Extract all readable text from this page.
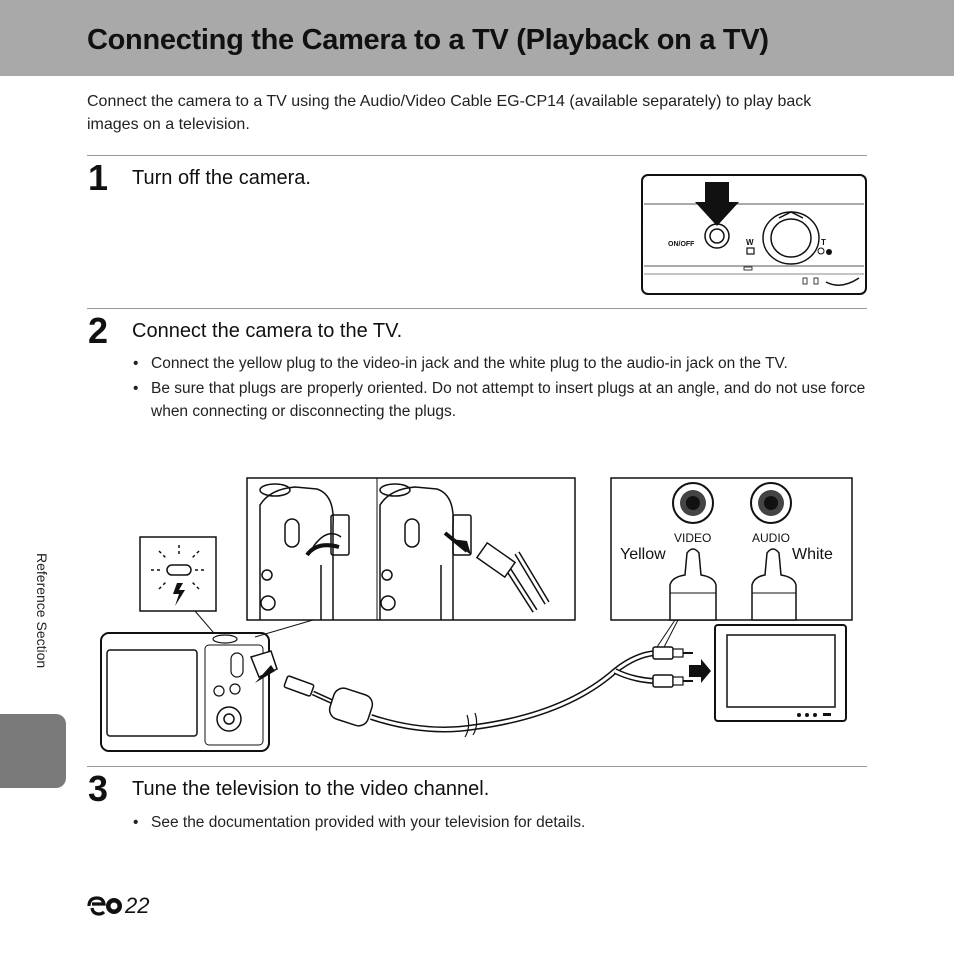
Connecting the Camera to a TV (Playback on a TV)
Connect the camera to a TV using the Audio/Video Cable EG-CP14 (available separately) to play back images on a television.
1 Turn off the camera.
ON/OFF	W	T
2 Connect the camera to the TV.
• Connect the yellow plug to the video-in jack and the white plug to the audio-in jack on the TV.
• Be sure that plugs are properly oriented. Do not attempt to insert plugs at an angle, and do not use force when connecting or disconnecting the plugs.
VIDEO	AUDIO
Yellow	White
3 Tune the television to the video channel.
• See the documentation provided with your television for details.
Reference Section
22
